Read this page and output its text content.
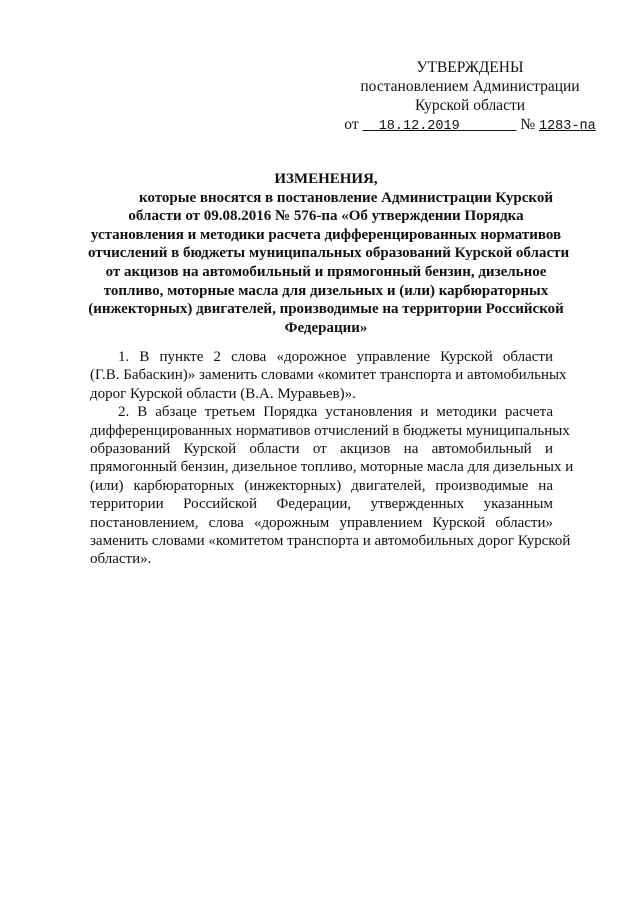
УТВЕРЖДЕНЫ
постановлением Администрации
Курской области
от 18.12.2019	№ 1283-па
ИЗМЕНЕНИЯ,
которые вносятся в постановление Администрации Курской
области от 09.08.2016 № 576-па «Об утверждении Порядка
установления и методики расчета дифференцированных нормативов
отчислений в бюджеты муниципальных образований Курской области
от акцизов на автомобильный и прямогонный бензин, дизельное
топливо, моторные масла для дизельных и (или) карбюраторных
(инжекторных) двигателей, производимые на территории Российской
Федерации»
1. В пункте 2 слова «дорожное управление Курской области
(Г.В. Бабаскин)» заменить словами «комитет транспорта и автомобильных
дорог Курской области (В.А. Муравьев)».
2. В абзаце третьем Порядка установления и методики расчета
дифференцированных нормативов отчислений в бюджеты муниципальных
образований Курской области от акцизов на автомобильный и
прямогонный бензин, дизельное топливо, моторные масла для дизельных и
(или) карбюраторных (инжекторных) двигателей, производимые на
территории Российской Федерации, утвержденных указанным
постановлением, слова «дорожным управлением Курской области»
заменить словами «комитетом транспорта и автомобильных дорог Курской
области».
